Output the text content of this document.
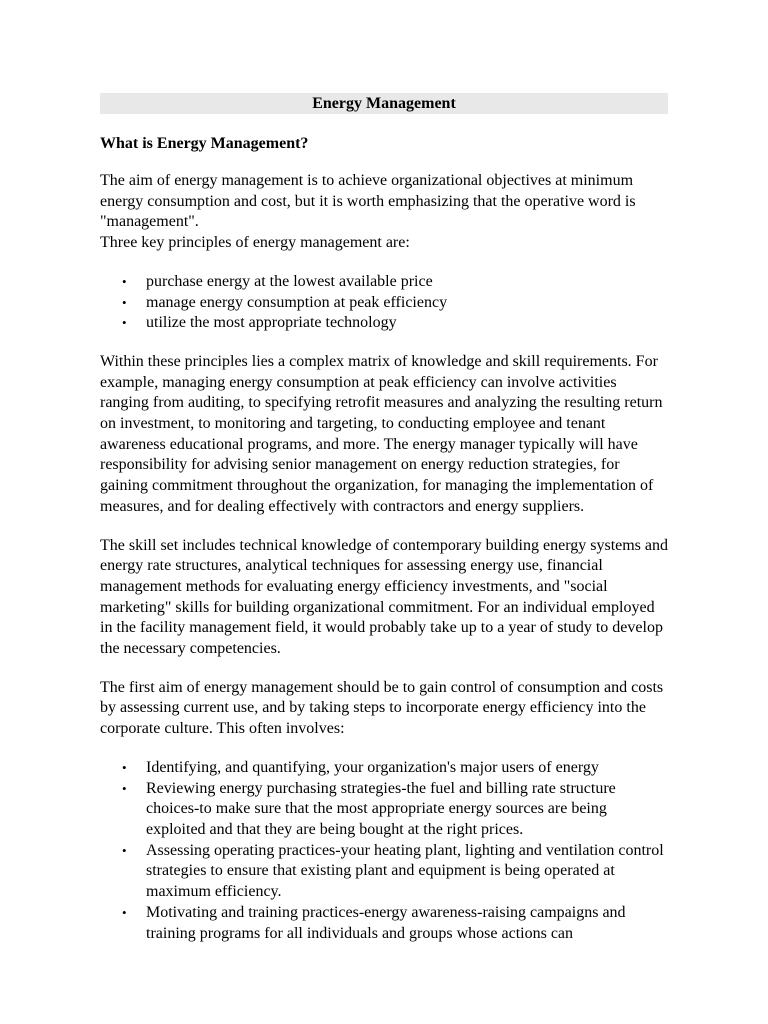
Energy Management
What is Energy Management?

The aim of energy management is to achieve organizational objectives at minimum energy consumption and cost, but it is worth emphasizing that the operative word is "management".
Three key principles of energy management are:

• purchase energy at the lowest available price
• manage energy consumption at peak efficiency
• utilize the most appropriate technology

Within these principles lies a complex matrix of knowledge and skill requirements. For example, managing energy consumption at peak efficiency can involve activities ranging from auditing, to specifying retrofit measures and analyzing the resulting return on investment, to monitoring and targeting, to conducting employee and tenant awareness educational programs, and more. The energy manager typically will have responsibility for advising senior management on energy reduction strategies, for gaining commitment throughout the organization, for managing the implementation of measures, and for dealing effectively with contractors and energy suppliers.

The skill set includes technical knowledge of contemporary building energy systems and energy rate structures, analytical techniques for assessing energy use, financial management methods for evaluating energy efficiency investments, and "social marketing" skills for building organizational commitment. For an individual employed in the facility management field, it would probably take up to a year of study to develop the necessary competencies.

The first aim of energy management should be to gain control of consumption and costs by assessing current use, and by taking steps to incorporate energy efficiency into the corporate culture. This often involves:

• Identifying, and quantifying, your organization's major users of energy
• Reviewing energy purchasing strategies-the fuel and billing rate structure choices-to make sure that the most appropriate energy sources are being exploited and that they are being bought at the right prices.
• Assessing operating practices-your heating plant, lighting and ventilation control strategies to ensure that existing plant and equipment is being operated at maximum efficiency.
• Motivating and training practices-energy awareness-raising campaigns and training programs for all individuals and groups whose actions can
